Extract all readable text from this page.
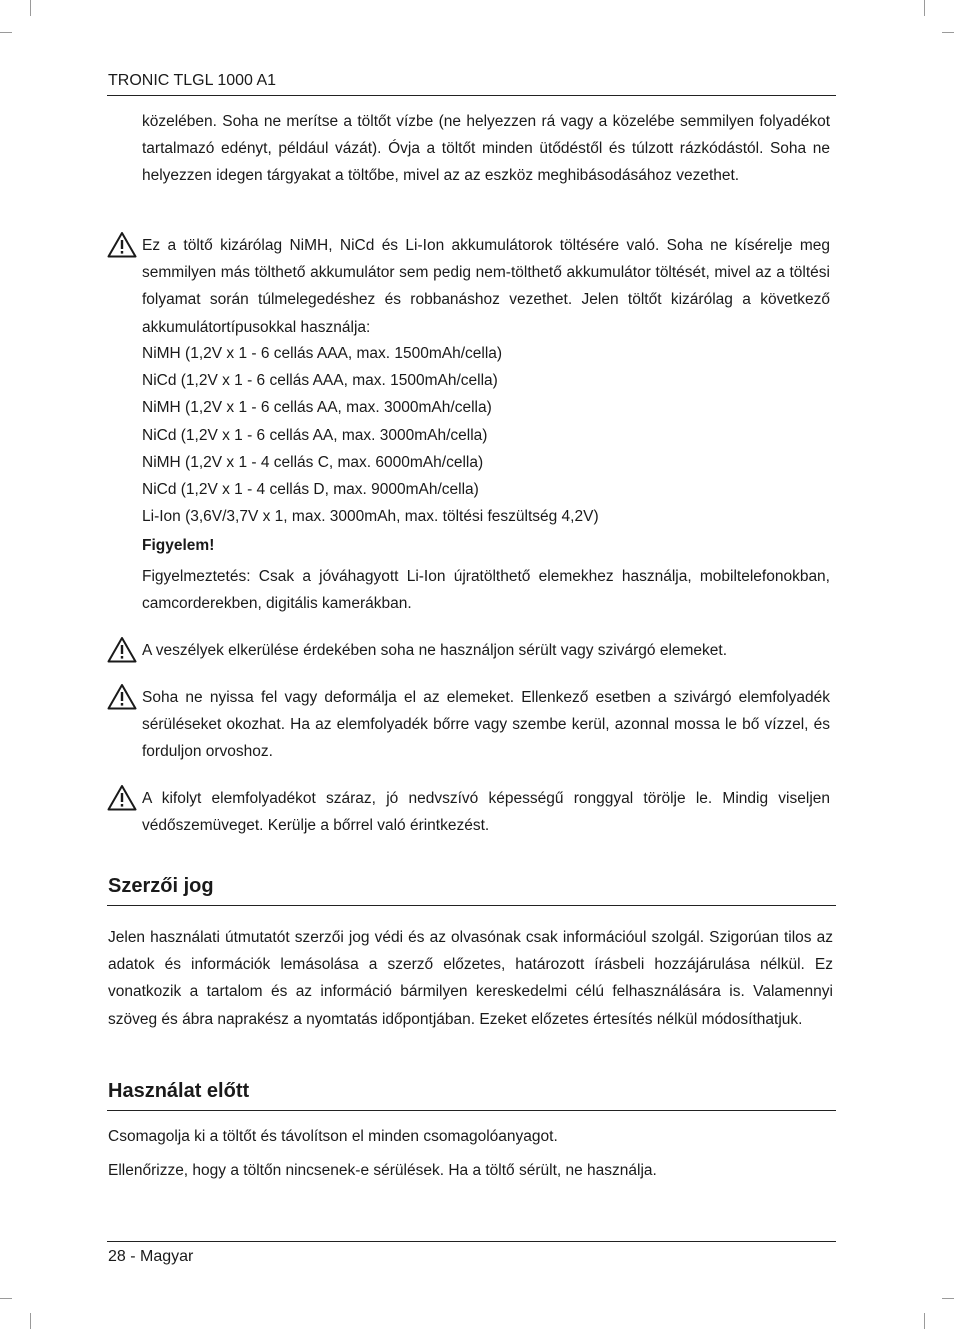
TRONIC TLGL 1000 A1

közelében. Soha ne merítse a töltőt vízbe (ne helyezzen rá vagy a közelébe semmilyen folyadékot tartalmazó edényt, például vázát). Óvja a töltőt minden ütődéstől és túlzott rázkódástól. Soha ne helyezzen idegen tárgyakat a töltőbe, mivel az az eszköz meghibásodásához vezethet.

Ez a töltő kizárólag NiMH, NiCd és Li-Ion akkumulátorok töltésére való. Soha ne kísérelje meg semmilyen más tölthető akkumulátor sem pedig nem-tölthető akkumulátor töltését, mivel az a töltési folyamat során túlmelegedéshez és robbanáshoz vezethet. Jelen töltőt kizárólag a következő akkumulátortípusokkal használja:

NiMH (1,2V x 1 - 6 cellás AAA, max. 1500mAh/cella)
NiCd (1,2V x 1 - 6 cellás AAA, max. 1500mAh/cella)
NiMH (1,2V x 1 - 6 cellás AA, max. 3000mAh/cella)
NiCd (1,2V x 1 - 6 cellás AA, max. 3000mAh/cella)
NiMH (1,2V x 1 - 4 cellás C, max. 6000mAh/cella)
NiCd (1,2V x 1 - 4 cellás D, max. 9000mAh/cella)
Li-Ion (3,6V/3,7V x 1, max. 3000mAh, max. töltési feszültség 4,2V)

Figyelem!

Figyelmeztetés: Csak a jóváhagyott Li-Ion újratölthető elemekhez használja, mobiltelefonokban, camcorderekben, digitális kamerákban.

A veszélyek elkerülése érdekében soha ne használjon sérült vagy szivárgó elemeket.

Soha ne nyissa fel vagy deformálja el az elemeket. Ellenkező esetben a szivárgó elemfolyadék sérüléseket okozhat. Ha az elemfolyadék bőrre vagy szembe kerül, azonnal mossa le bő vízzel, és forduljon orvoshoz.

A kifolyt elemfolyadékot száraz, jó nedvszívó képességű ronggyal törölje le. Mindig viseljen védőszemüveget. Kerülje a bőrrel való érintkezést.

Szerzői jog

Jelen használati útmutatót szerzői jog védi és az olvasónak csak információul szolgál. Szigorúan tilos az adatok és információk lemásolása a szerző előzetes, határozott írásbeli hozzájárulása nélkül. Ez vonatkozik a tartalom és az információ bármilyen kereskedelmi célú felhasználására is. Valamennyi szöveg és ábra naprakész a nyomtatás időpontjában. Ezeket előzetes értesítés nélkül módosíthatjuk.

Használat előtt

Csomagolja ki a töltőt és távolítson el minden csomagolóanyagot.

Ellenőrizze, hogy a töltőn nincsenek-e sérülések. Ha a töltő sérült, ne használja.

28 - Magyar
